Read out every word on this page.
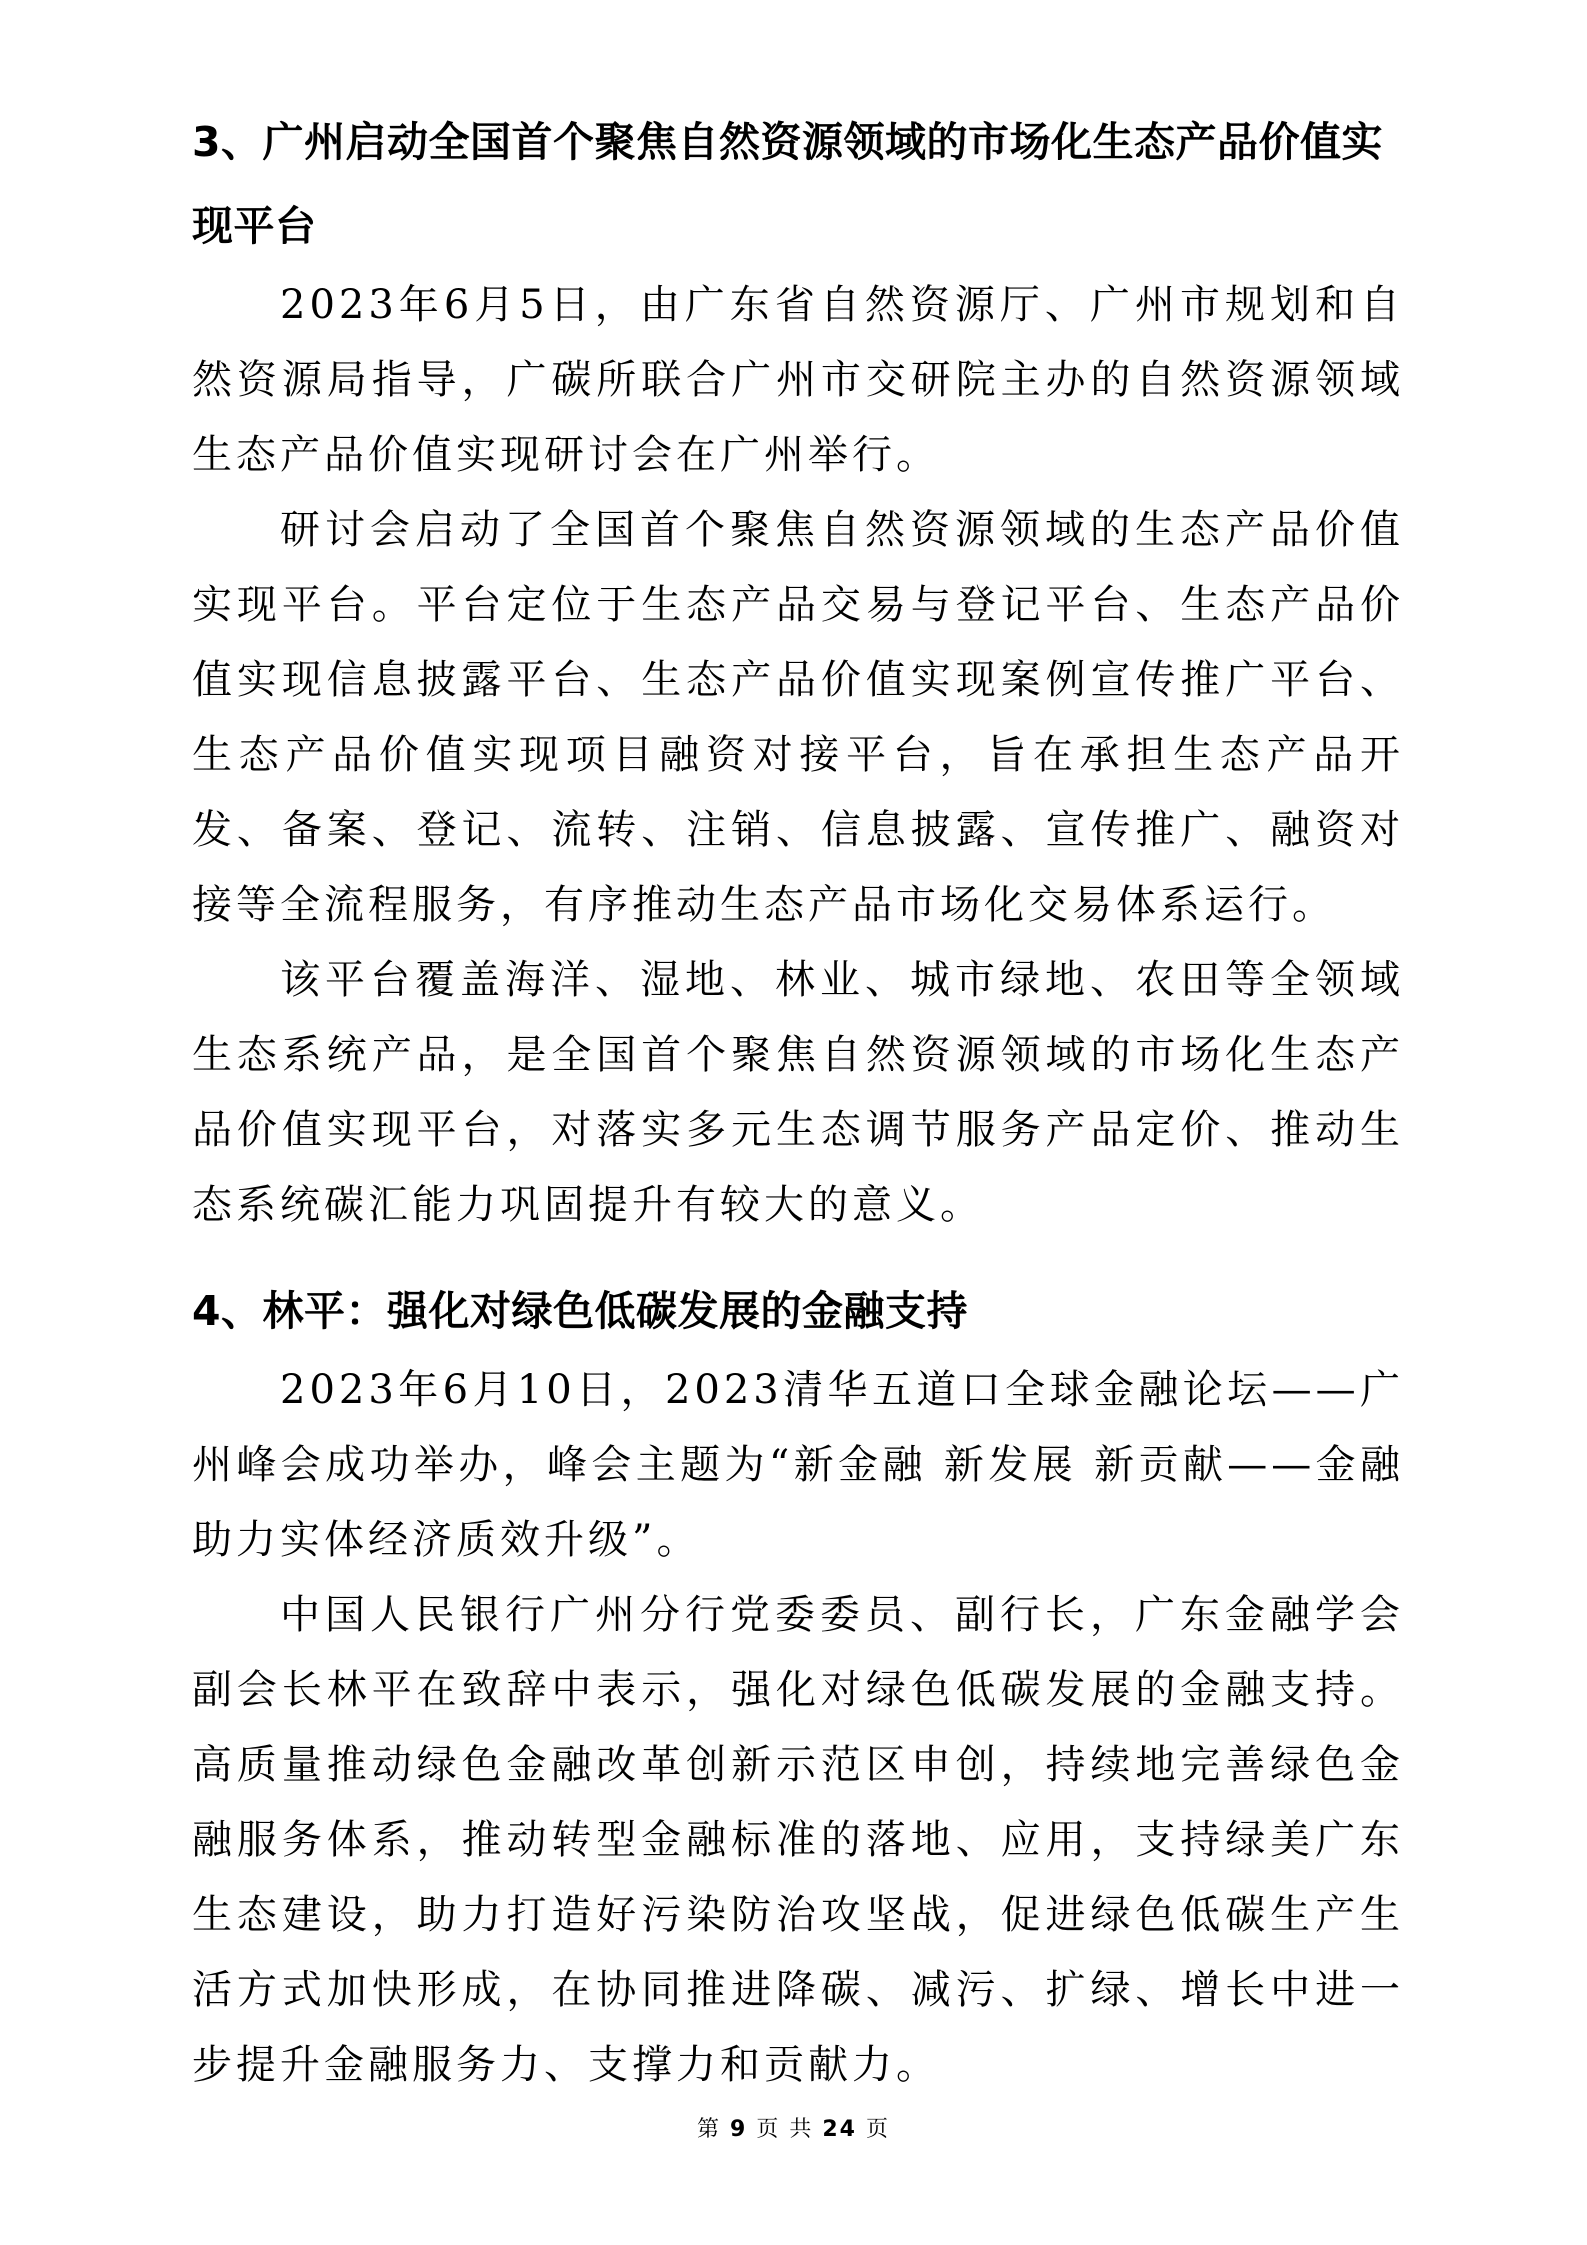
3、广州启动全国首个聚焦自然资源领域的市场化生态产品价值实现平台

2023年6月5日，由广东省自然资源厅、广州市规划和自然资源局指导，广碳所联合广州市交研院主办的自然资源领域生态产品价值实现研讨会在广州举行。

研讨会启动了全国首个聚焦自然资源领域的生态产品价值实现平台。平台定位于生态产品交易与登记平台、生态产品价值实现信息披露平台、生态产品价值实现案例宣传推广平台、生态产品价值实现项目融资对接平台，旨在承担生态产品开发、备案、登记、流转、注销、信息披露、宣传推广、融资对接等全流程服务，有序推动生态产品市场化交易体系运行。

该平台覆盖海洋、湿地、林业、城市绿地、农田等全领域生态系统产品，是全国首个聚焦自然资源领域的市场化生态产品价值实现平台，对落实多元生态调节服务产品定价、推动生态系统碳汇能力巩固提升有较大的意义。

4、林平：强化对绿色低碳发展的金融支持

2023年6月10日，2023清华五道口全球金融论坛——广州峰会成功举办，峰会主题为“新金融 新发展 新贡献——金融助力实体经济质效升级”。

中国人民银行广州分行党委委员、副行长，广东金融学会副会长林平在致辞中表示，强化对绿色低碳发展的金融支持。高质量推动绿色金融改革创新示范区申创，持续地完善绿色金融服务体系，推动转型金融标准的落地、应用，支持绿美广东生态建设，助力打造好污染防治攻坚战，促进绿色低碳生产生活方式加快形成，在协同推进降碳、减污、扩绿、增长中进一步提升金融服务力、支撑力和贡献力。

第 9 页 共 24 页
